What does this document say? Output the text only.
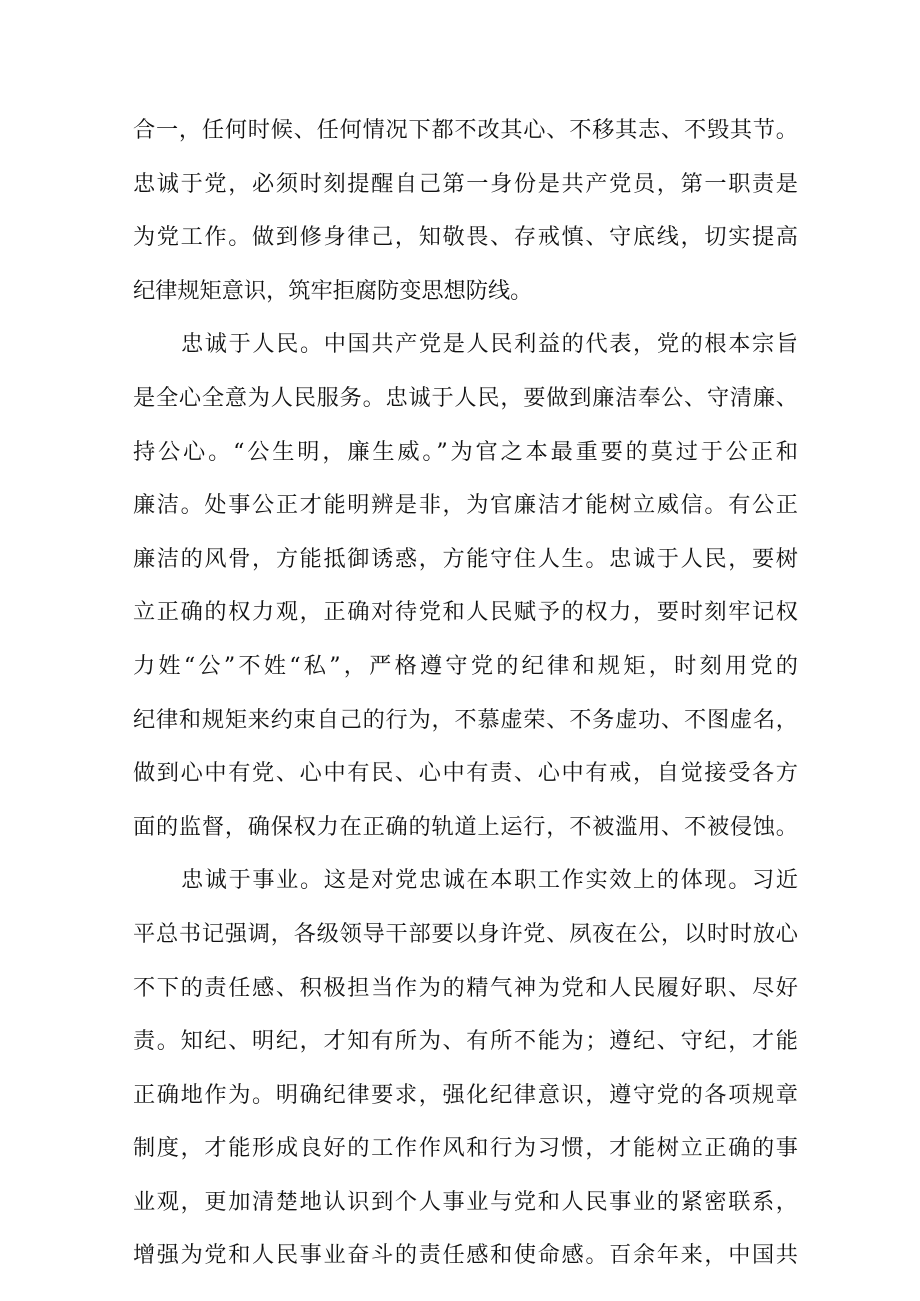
合一，任何时候、任何情况下都不改其心、不移其志、不毁其节。
忠诚于党，必须时刻提醒自己第一身份是共产党员，第一职责是
为党工作。做到修身律己，知敬畏、存戒慎、守底线，切实提高
纪律规矩意识，筑牢拒腐防变思想防线。
忠诚于人民。中国共产党是人民利益的代表，党的根本宗旨
是全心全意为人民服务。忠诚于人民，要做到廉洁奉公、守清廉、
持公心。“公生明，廉生威。”为官之本最重要的莫过于公正和
廉洁。处事公正才能明辨是非，为官廉洁才能树立威信。有公正
廉洁的风骨，方能抵御诱惑，方能守住人生。忠诚于人民，要树
立正确的权力观，正确对待党和人民赋予的权力，要时刻牢记权
力姓“公”不姓“私”，严格遵守党的纪律和规矩，时刻用党的
纪律和规矩来约束自己的行为，不慕虚荣、不务虚功、不图虚名，
做到心中有党、心中有民、心中有责、心中有戒，自觉接受各方
面的监督，确保权力在正确的轨道上运行，不被滥用、不被侵蚀。
忠诚于事业。这是对党忠诚在本职工作实效上的体现。习近
平总书记强调，各级领导干部要以身许党、夙夜在公，以时时放心
不下的责任感、积极担当作为的精气神为党和人民履好职、尽好
责。知纪、明纪，才知有所为、有所不能为；遵纪、守纪，才能
正确地作为。明确纪律要求，强化纪律意识，遵守党的各项规章
制度，才能形成良好的工作作风和行为习惯，才能树立正确的事
业观，更加清楚地认识到个人事业与党和人民事业的紧密联系，
增强为党和人民事业奋斗的责任感和使命感。百余年来，中国共
